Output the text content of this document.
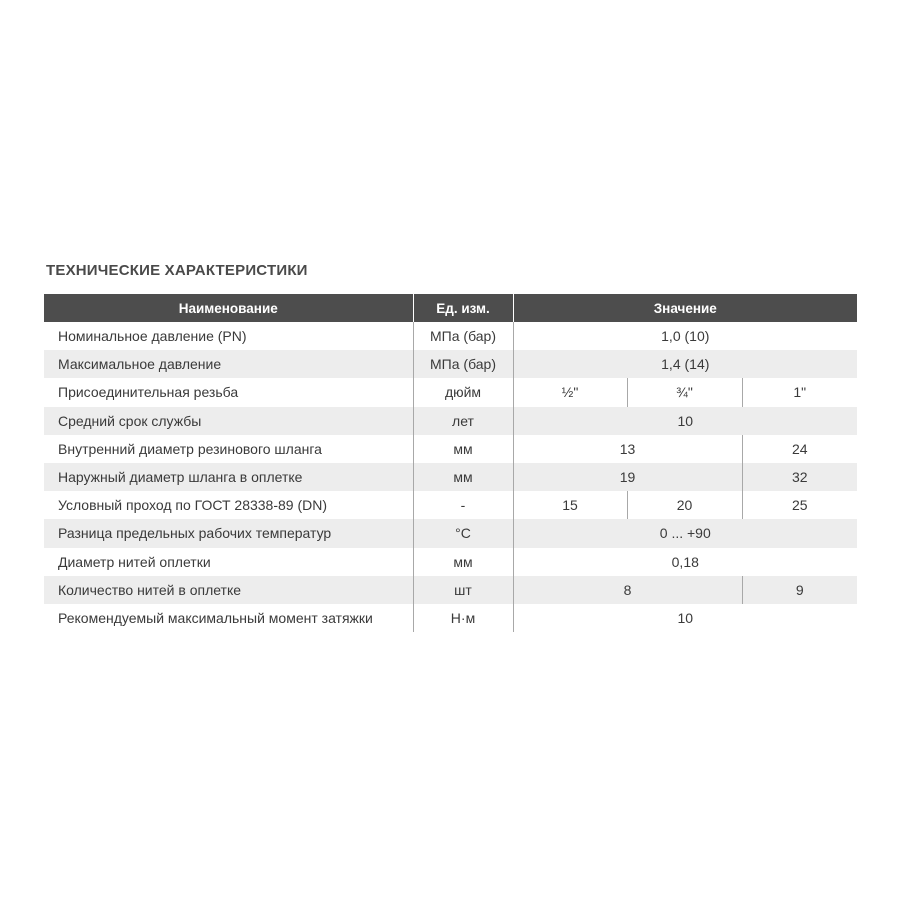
ТЕХНИЧЕСКИЕ ХАРАКТЕРИСТИКИ
Наименование	Ед. изм.	Значение		
Номинальное давление (PN)	МПа (бар)	1,0 (10)		
Максимальное давление	МПа (бар)	1,4 (14)		
Присоединительная резьба	дюйм	½"	¾"	1"
Средний срок службы	лет	10		
Внутренний диаметр резинового шланга	мм	13		24
Наружный диаметр шланга в оплетке	мм	19		32
Условный проход по ГОСТ 28338-89 (DN)	-	15	20	25
Разница предельных рабочих температур	°С	0 ... +90		
Диаметр нитей оплетки	мм	0,18		
Количество нитей в оплетке	шт	8		9
Рекомендуемый максимальный момент затяжки	Н·м	10		
